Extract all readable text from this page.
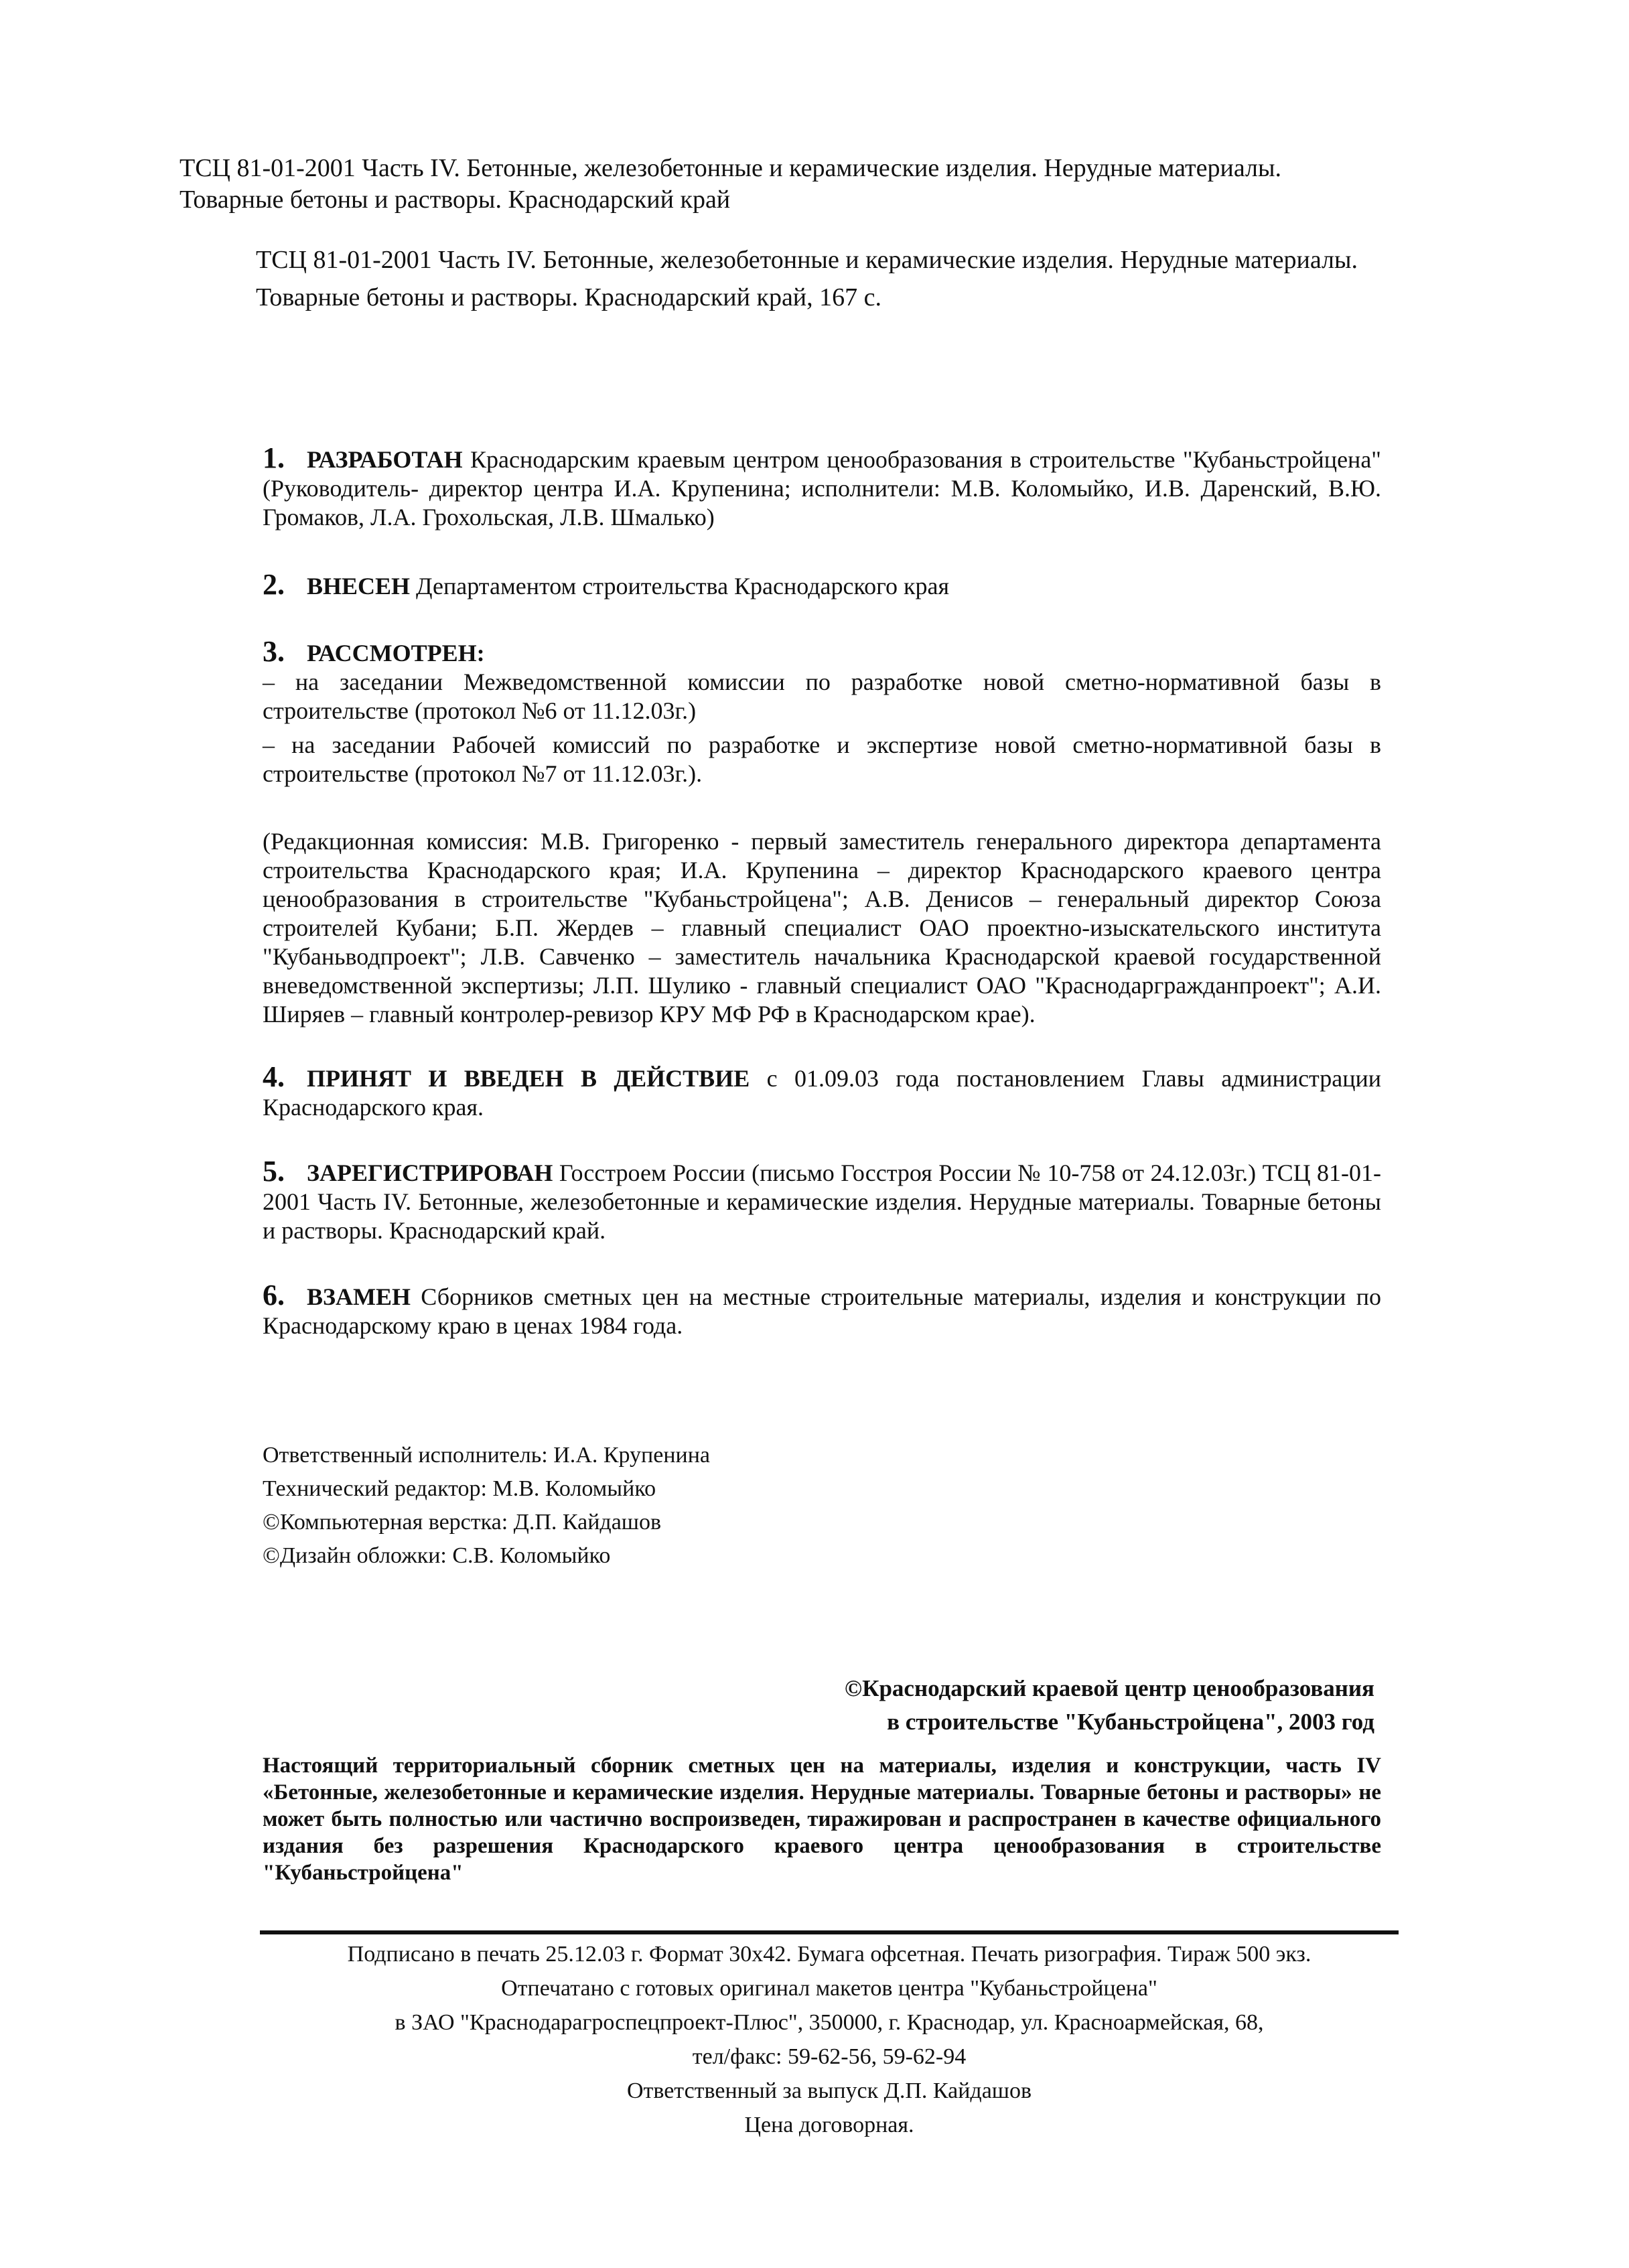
ТСЦ 81-01-2001 Часть IV. Бетонные, железобетонные и керамические изделия. Нерудные материалы.
Товарные бетоны и растворы. Краснодарский край
ТСЦ 81-01-2001 Часть IV. Бетонные, железобетонные и керамические изделия. Нерудные материалы.
Товарные бетоны и растворы. Краснодарский край, 167 с.
1. РАЗРАБОТАН Краснодарским краевым центром ценообразования в строительстве "Кубаньстройцена" (Руководитель- директор центра И.А. Крупенина; исполнители: М.В. Коломыйко, И.В. Даренский, В.Ю. Громаков, Л.А. Грохольская, Л.В. Шмалько)
2. ВНЕСЕН Департаментом строительства Краснодарского края
3. РАССМОТРЕН:

– на заседании Межведомственной комиссии по разработке новой сметно-нормативной базы в строительстве (протокол №6 от 11.12.03г.)

– на заседании Рабочей комиссий по разработке и экспертизе новой сметно-нормативной базы в строительстве (протокол №7 от 11.12.03г.).

(Редакционная комиссия: М.В. Григоренко - первый заместитель генерального директора департамента строительства Краснодарского края; И.А. Крупенина – директор Краснодарского краевого центра ценообразования в строительстве "Кубаньстройцена"; А.В. Денисов – генеральный директор Союза строителей Кубани; Б.П. Жердев – главный специалист ОАО проектно-изыскательского института "Кубаньводпроект"; Л.В. Савченко – заместитель начальника Краснодарской краевой государственной вневедомственной экспертизы; Л.П. Шулико - главный специалист ОАО "Краснодаргражданпроект"; А.И. Ширяев – главный контролер-ревизор КРУ МФ РФ в Краснодарском крае).
4. ПРИНЯТ И ВВЕДЕН В ДЕЙСТВИЕ с 01.09.03 года постановлением Главы администрации Краснодарского края.
5. ЗАРЕГИСТРИРОВАН Госстроем России (письмо Госстроя России № 10-758 от 24.12.03г.) ТСЦ 81-01-2001 Часть IV. Бетонные, железобетонные и керамические изделия. Нерудные материалы. Товарные бетоны и растворы. Краснодарский край.
6. ВЗАМЕН Сборников сметных цен на местные строительные материалы, изделия и конструкции по Краснодарскому краю в ценах 1984 года.
Ответственный исполнитель: И.А. Крупенина
Технический редактор: М.В. Коломыйко
©Компьютерная верстка: Д.П. Кайдашов
©Дизайн обложки: С.В. Коломыйко
©Краснодарский краевой центр ценообразования
в строительстве "Кубаньстройцена", 2003 год
Настоящий территориальный сборник сметных цен на материалы, изделия и конструкции, часть IV «Бетонные, железобетонные и керамические изделия. Нерудные материалы. Товарные бетоны и растворы» не может быть полностью или частично воспроизведен, тиражирован и распространен в качестве официального издания без разрешения Краснодарского краевого центра ценообразования в строительстве "Кубаньстройцена"
Подписано в печать 25.12.03 г. Формат 30х42. Бумага офсетная. Печать ризография. Тираж 500 экз.
Отпечатано с готовых оригинал макетов центра "Кубаньстройцена"
в ЗАО "Краснодарагроспецпроект-Плюс", 350000, г. Краснодар, ул. Красноармейская, 68,
тел/факс: 59-62-56, 59-62-94
Ответственный за выпуск Д.П. Кайдашов
Цена договорная.
